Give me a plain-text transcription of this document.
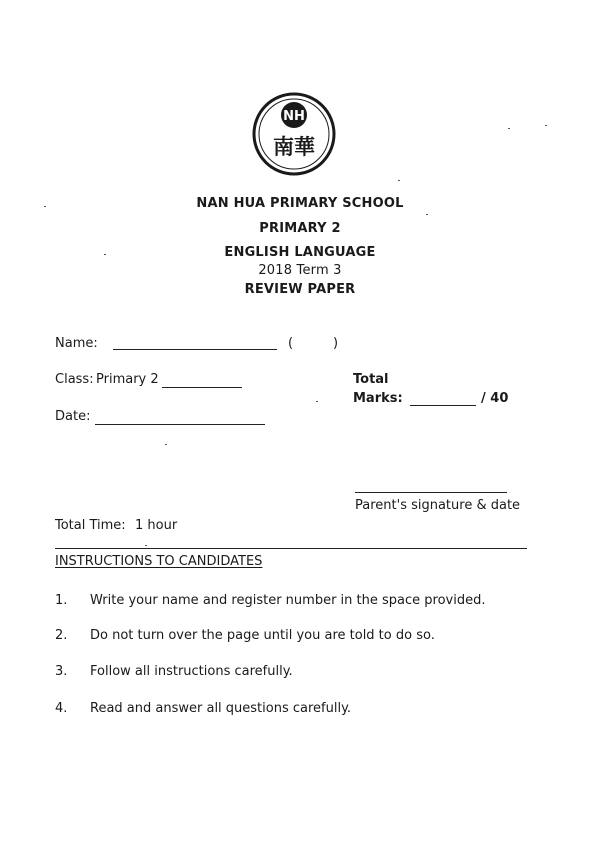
NH
南華
NAN HUA PRIMARY SCHOOL
PRIMARY 2
ENGLISH LANGUAGE
2018 Term 3
REVIEW PAPER
Name:	(	)
Class: Primary 2	Total
Marks:	/ 40
Date:
Parent's signature & date
Total Time: 1 hour
INSTRUCTIONS TO CANDIDATES
1. Write your name and register number in the space provided.
2. Do not turn over the page until you are told to do so.
3. Follow all instructions carefully.
4. Read and answer all questions carefully.
